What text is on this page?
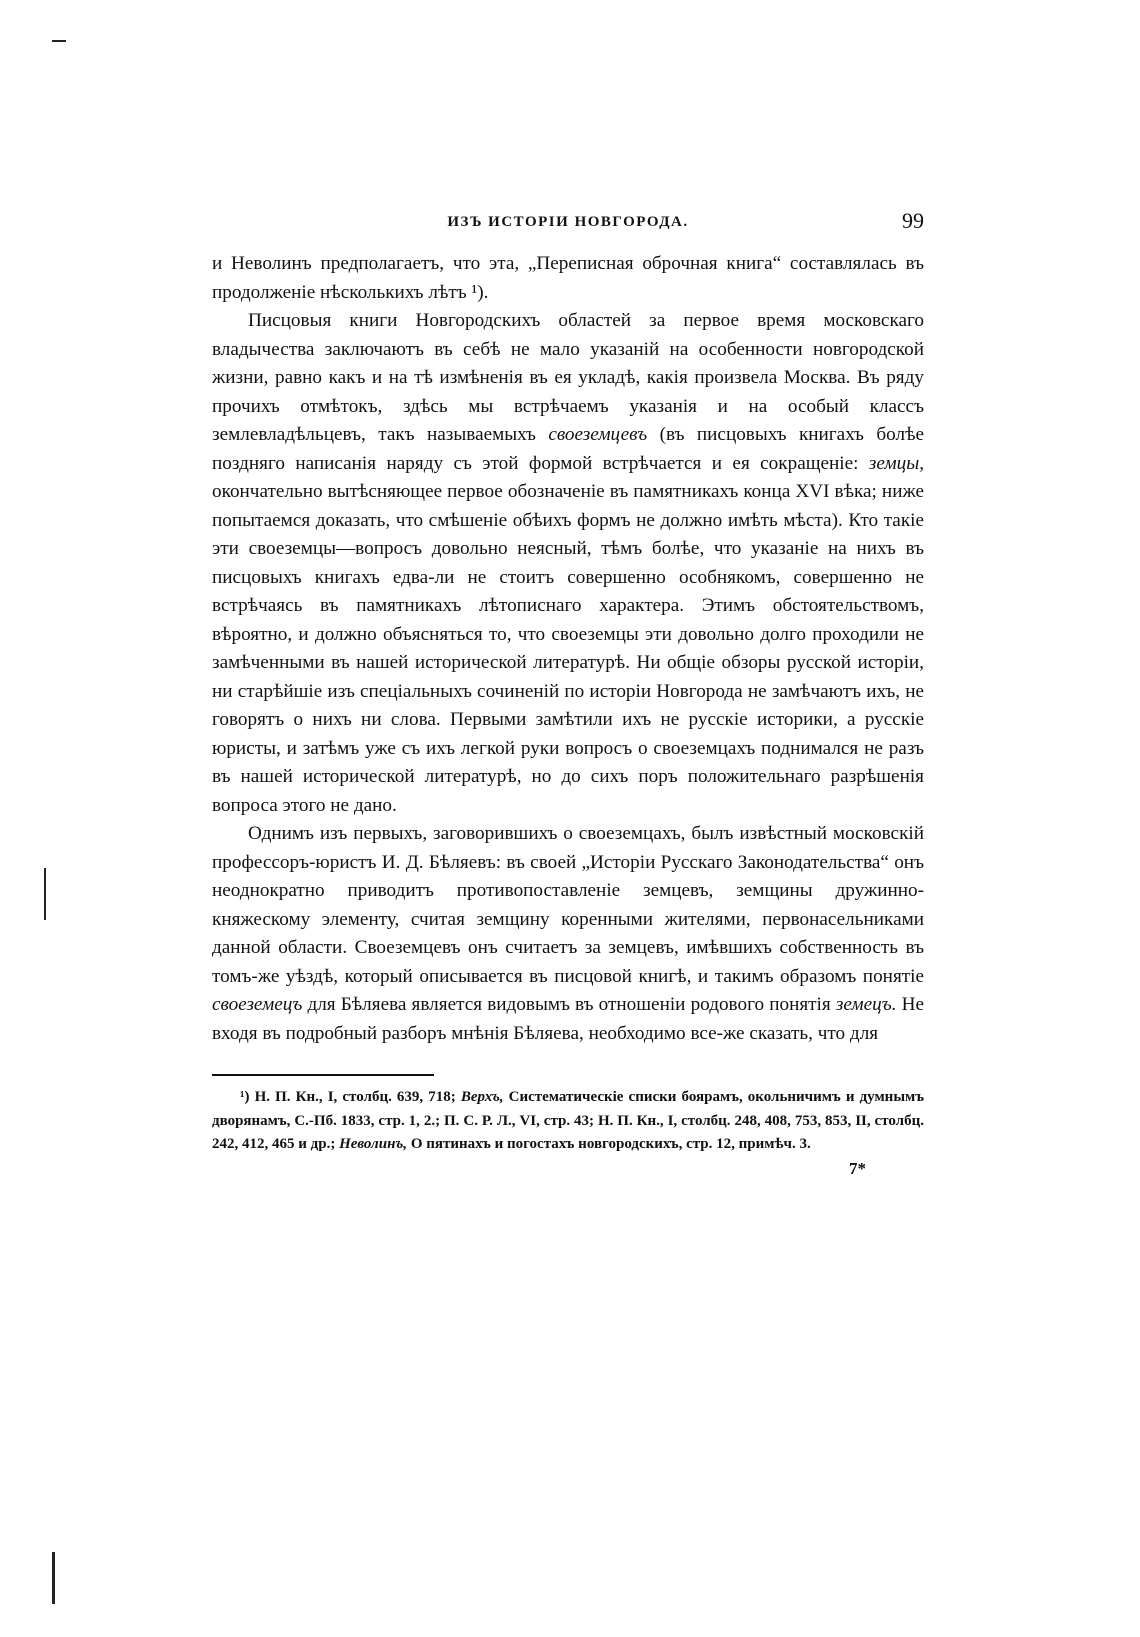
ИЗЪ ИСТОРІИ НОВГОРОДА.	99

и Неволинъ предполагаетъ, что эта, „Переписная оброчная книга“ составлялась въ продолженіе нѣсколькихъ лѣтъ ¹).

Писцовыя книги Новгородскихъ областей за первое время московскаго владычества заключаютъ въ себѣ не мало указаній на особенности новгородской жизни, равно какъ и на тѣ измѣненія въ ея укладѣ, какія произвела Москва. Въ ряду прочихъ отмѣтокъ, здѣсь мы встрѣчаемъ указанія и на особый классъ землевладѣльцевъ, такъ называемыхъ своеземцевъ (въ писцовыхъ книгахъ болѣе поздняго написанія наряду съ этой формой встрѣчается и ея сокращеніе: земцы, окончательно вытѣсняющее первое обозначеніе въ памятникахъ конца XVI вѣка; ниже попытаемся доказать, что смѣшеніе обѣихъ формъ не должно имѣть мѣста). Кто такіе эти своеземцы—вопросъ довольно неясный, тѣмъ болѣе, что указаніе на нихъ въ писцовыхъ книгахъ едва-ли не стоитъ совершенно особнякомъ, совершенно не встрѣчаясь въ памятникахъ лѣтописнаго характера. Этимъ обстоятельствомъ, вѣроятно, и должно объясняться то, что своеземцы эти довольно долго проходили не замѣченными въ нашей исторической литературѣ. Ни общіе обзоры русской исторіи, ни старѣйшіе изъ спеціальныхъ сочиненій по исторіи Новгорода не замѣчаютъ ихъ, не говорятъ о нихъ ни слова. Первыми замѣтили ихъ не русскіе историки, а русскіе юристы, и затѣмъ уже съ ихъ легкой руки вопросъ о своеземцахъ поднимался не разъ въ нашей исторической литературѣ, но до сихъ поръ положительнаго разрѣшенія вопроса этого не дано.

Однимъ изъ первыхъ, заговорившихъ о своеземцахъ, былъ извѣстный московскій профессоръ-юристъ И. Д. Бѣляевъ: въ своей „Исторіи Русскаго Законодательства“ онъ неоднократно приводитъ противопоставленіе земцевъ, земщины дружинно-княжескому элементу, считая земщину коренными жителями, первонасельниками данной области. Своеземцевъ онъ считаетъ за земцевъ, имѣвшихъ собственность въ томъ-же уѣздѣ, который описывается въ писцовой книгѣ, и такимъ образомъ понятіе своеземецъ для Бѣляева является видовымъ въ отношеніи родового понятія земецъ. Не входя въ подробный разборъ мнѣнія Бѣляева, необходимо все-же сказать, что для

¹) Н. П. Кн., I, столбц. 639, 718; Верхъ, Систематическіе списки боярамъ, окольничимъ и думнымъ дворянамъ, С.-Пб. 1833, стр. 1, 2.; П. С. Р. Л., VI, стр. 43; Н. П. Кн., I, столбц. 248, 408, 753, 853, II, столбц. 242, 412, 465 и др.; Неволинъ, О пятинахъ и погостахъ новгородскихъ, стр. 12, примѣч. 3.

7*
